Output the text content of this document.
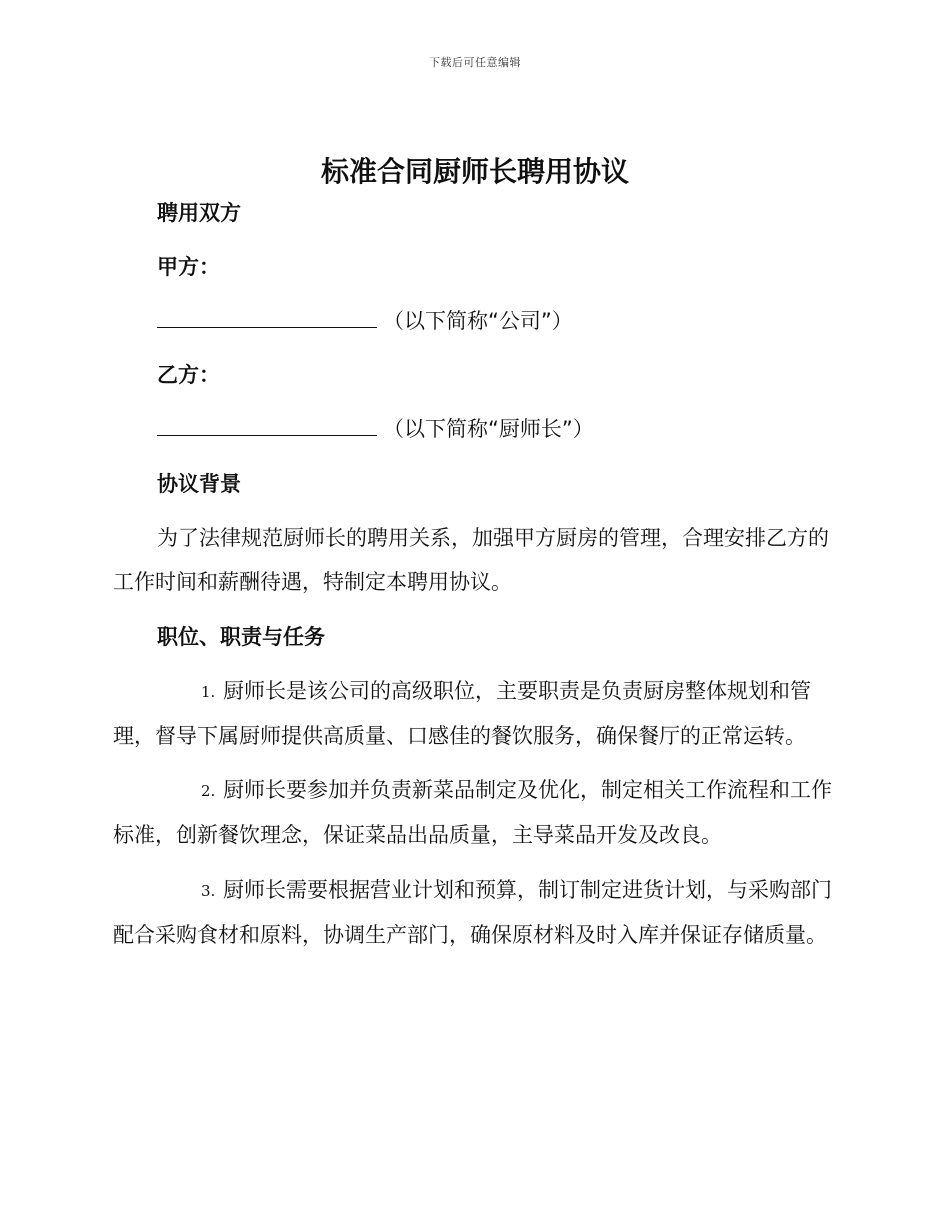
下载后可任意编辑
标准合同厨师长聘用协议
聘用双方
甲方：
（以下简称“公司”）
乙方：
（以下简称“厨师长”）
协议背景
为了法律规范厨师长的聘用关系，加强甲方厨房的管理，合理安排乙方的工作时间和薪酬待遇，特制定本聘用协议。
职位、职责与任务
1. 厨师长是该公司的高级职位，主要职责是负责厨房整体规划和管理，督导下属厨师提供高质量、口感佳的餐饮服务，确保餐厅的正常运转。
2. 厨师长要参加并负责新菜品制定及优化，制定相关工作流程和工作标准，创新餐饮理念，保证菜品出品质量，主导菜品开发及改良。
3. 厨师长需要根据营业计划和预算，制订制定进货计划，与采购部门配合采购食材和原料，协调生产部门，确保原材料及时入库并保证存储质量。
